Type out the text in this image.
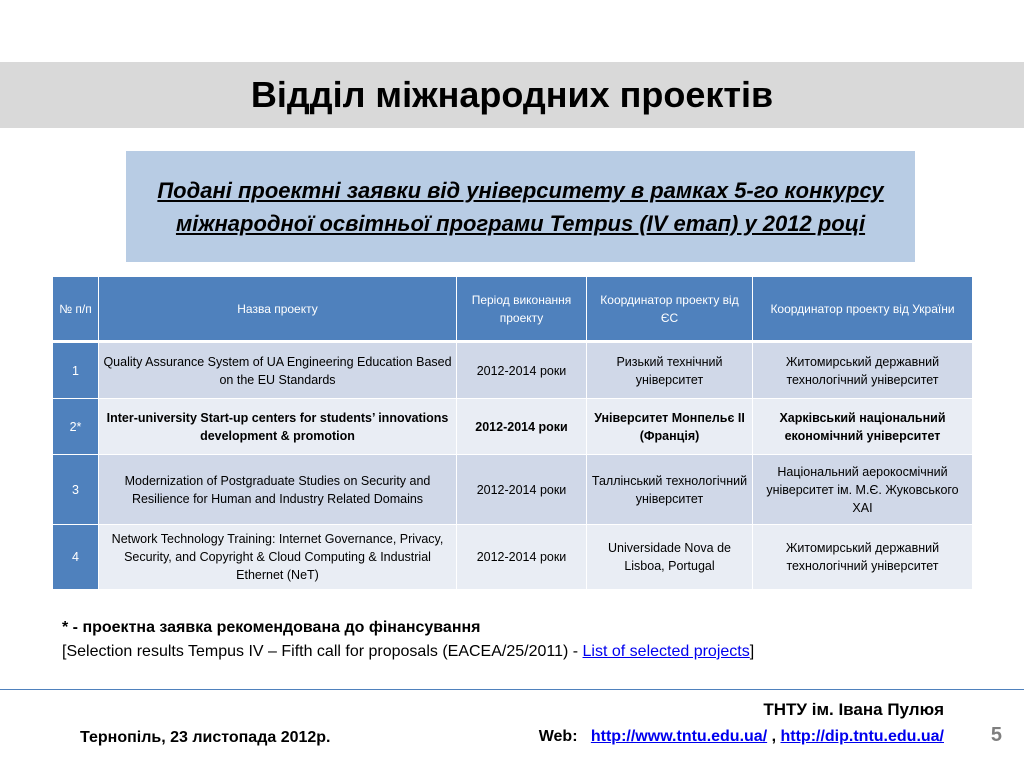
Відділ міжнародних проектів

Подані проектні заявки від університету в рамках 5-го конкурсу міжнародної освітньої програми Tempus (IV етап) у 2012 році

№ п/п	Назва проекту	Період виконання проекту	Координатор проекту від ЄС	Координатор проекту від України
1	Quality Assurance System of UA Engineering Education Based on the EU Standards	2012-2014 роки	Ризький технічний університет	Житомирський державний технологічний університет
2*	Inter-university Start-up centers for students’ innovations development & promotion	2012-2014 роки	Університет Монпельє ІІ (Франція)	Харківський національний економічний університет
3	Modernization of Postgraduate Studies on Security and Resilience for Human and Industry Related Domains	2012-2014 роки	Таллінський технологічний університет	Національний аерокосмічний університет ім. М.Є. Жуковського ХАІ
4	Network Technology Training: Internet Governance, Privacy, Security, and Copyright & Cloud Computing & Industrial Ethernet (NeT)	2012-2014 роки	Universidade Nova de Lisboa, Portugal	Житомирський державний технологічний університет
* - проектна заявка рекомендована до фінансування
[Selection results Tempus IV – Fifth call for proposals (EACEA/25/2011) - List of selected projects]
Тернопіль, 23 листопада 2012р.
ТНТУ ім. Івана Пулюя
Web: http://www.tntu.edu.ua/ , http://dip.tntu.edu.ua/ 5
